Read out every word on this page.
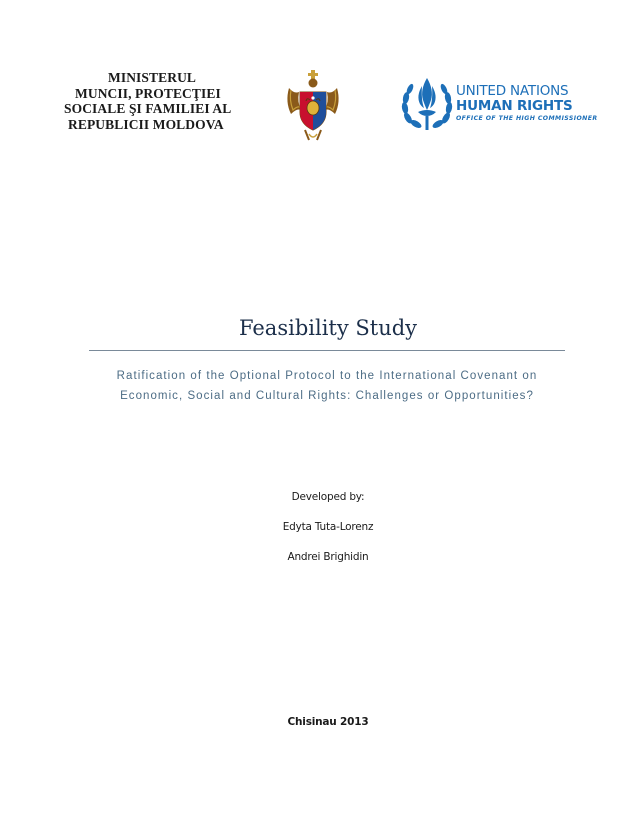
MINISTERUL
MUNCII, PROTECŢIEI
SOCIALE ŞI FAMILIEI AL
REPUBLICII MOLDOVA
UNITED NATIONS
HUMAN RIGHTS
OFFICE OF THE HIGH COMMISSIONER
Feasibility Study
Ratification of the Optional Protocol to the International Covenant on
Economic, Social and Cultural Rights: Challenges or Opportunities?
Developed by:
Edyta Tuta-Lorenz
Andrei Brighidin
Chisinau 2013
